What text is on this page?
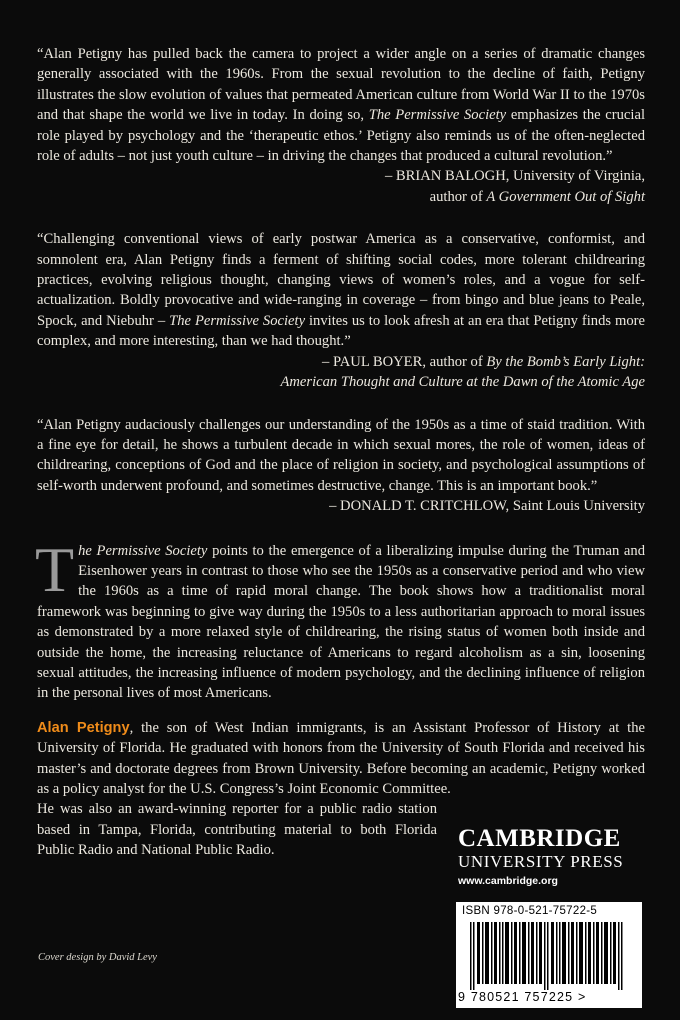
“Alan Petigny has pulled back the camera to project a wider angle on a series of dramatic changes generally associated with the 1960s. From the sexual revolution to the decline of faith, Petigny illustrates the slow evolution of values that permeated American culture from World War II to the 1970s and that shape the world we live in today. In doing so, The Permissive Society emphasizes the crucial role played by psychology and the ‘therapeutic ethos.’ Petigny also reminds us of the often-neglected role of adults – not just youth culture – in driving the changes that produced a cultural revolution.”

– BRIAN BALOGH, University of Virginia,
author of A Government Out of Sight

“Challenging conventional views of early postwar America as a conservative, conformist, and somnolent era, Alan Petigny finds a ferment of shifting social codes, more tolerant childrearing practices, evolving religious thought, changing views of women’s roles, and a vogue for self-actualization. Boldly provocative and wide-ranging in coverage – from bingo and blue jeans to Peale, Spock, and Niebuhr – The Permissive Society invites us to look afresh at an era that Petigny finds more complex, and more interesting, than we had thought.”

– PAUL BOYER, author of By the Bomb’s Early Light:
American Thought and Culture at the Dawn of the Atomic Age

“Alan Petigny audaciously challenges our understanding of the 1950s as a time of staid tradition. With a fine eye for detail, he shows a turbulent decade in which sexual mores, the role of women, ideas of childrearing, conceptions of God and the place of religion in society, and psychological assumptions of self-worth underwent profound, and sometimes destructive, change. This is an important book.”

– DONALD T. CRITCHLOW, Saint Louis University
The Permissive Society points to the emergence of a liberalizing impulse during the Truman and Eisenhower years in contrast to those who see the 1950s as a conservative period and who view the 1960s as a time of rapid moral change. The book shows how a traditionalist moral framework was beginning to give way during the 1950s to a less authoritarian approach to moral issues as demonstrated by a more relaxed style of childrearing, the rising status of women both inside and outside the home, the increasing reluctance of Americans to regard alcoholism as a sin, loosening sexual attitudes, the increasing influence of modern psychology, and the declining influence of religion in the personal lives of most Americans.
Alan Petigny, the son of West Indian immigrants, is an Assistant Professor of History at the University of Florida. He graduated with honors from the University of South Florida and received his master’s and doctorate degrees from Brown University. Before becoming an academic, Petigny worked as a policy analyst for the U.S. Congress’s Joint Economic Committee.
He was also an award-winning reporter for a public radio station based in Tampa, Florida, contributing material to both Florida Public Radio and National Public Radio.	CAMBRIDGE
UNIVERSITY PRESS
www.cambridge.org
ISBN 978-0-521-75722-5
9 780521 757225 >
Cover design by David Levy
